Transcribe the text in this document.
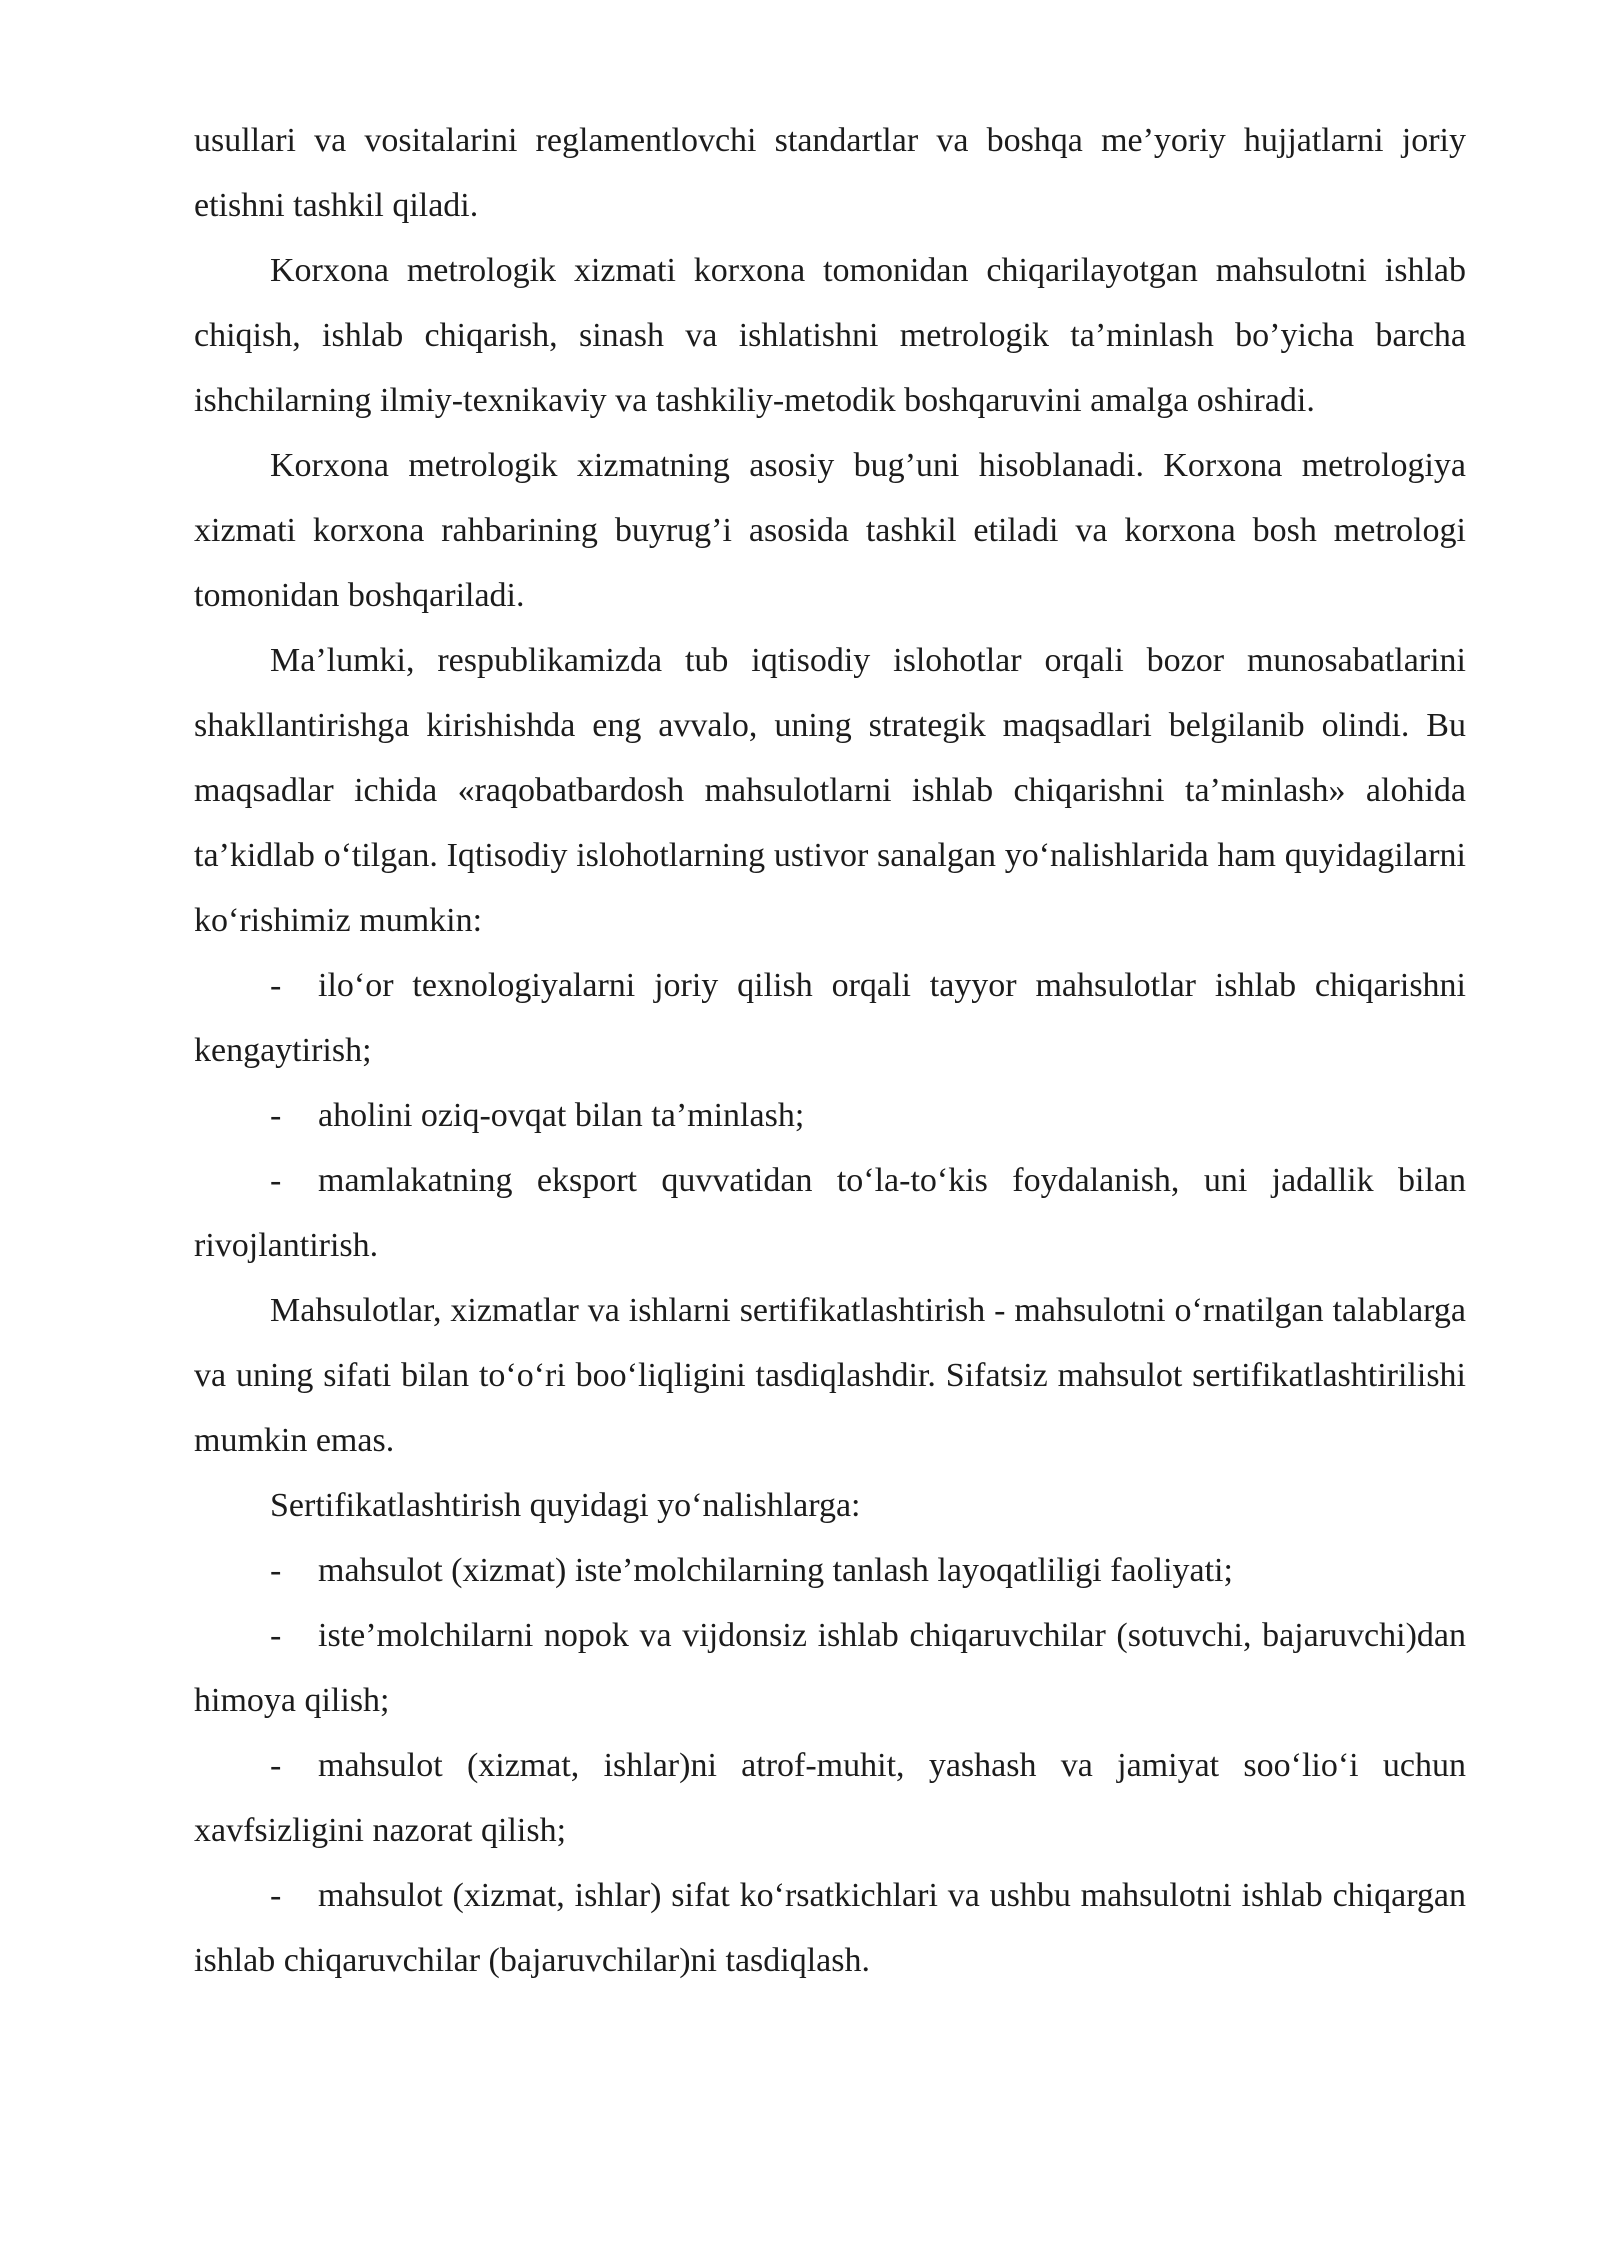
usullari va vositalarini reglamentlovchi standartlar va boshqa me’yoriy hujjatlarni joriy etishni tashkil qiladi.

Korxona metrologik xizmati korxona tomonidan chiqarilayotgan mahsulotni ishlab chiqish, ishlab chiqarish, sinash va ishlatishni metrologik ta’minlash bo’yicha barcha ishchilarning ilmiy-texnikaviy va tashkiliy-metodik boshqaruvini amalga oshiradi.

Korxona metrologik xizmatning asosiy bug’uni hisoblanadi. Korxona metrologiya xizmati korxona rahbarining buyrug’i asosida tashkil etiladi va korxona bosh metrologi tomonidan boshqariladi.

Ma’lumki, respublikamizda tub iqtisodiy islohotlar orqali bozor munosabatlarini shakllantirishga kirishishda eng avvalo, uning strategik maqsadlari belgilanib olindi. Bu maqsadlar ichida «raqobatbardosh mahsulotlarni ishlab chiqarishni ta’minlash» alohida ta’kidlab o‘tilgan. Iqtisodiy islohotlarning ustivor sanalgan yo‘nalishlarida ham quyidagilarni ko‘rishimiz mumkin:

- ilo‘or texnologiyalarni joriy qilish orqali tayyor mahsulotlar ishlab chiqarishni kengaytirish;

- aholini oziq-ovqat bilan ta’minlash;

- mamlakatning eksport quvvatidan to‘la-to‘kis foydalanish, uni jadallik bilan rivojlantirish.

Mahsulotlar, xizmatlar va ishlarni sertifikatlashtirish - mahsulotni o‘rnatilgan talablarga va uning sifati bilan to‘o‘ri boo‘liqligini tasdiqlashdir. Sifatsiz mahsulot sertifikatlashtirilishi mumkin emas.

Sertifikatlashtirish quyidagi yo‘nalishlarga:

- mahsulot (xizmat) iste’molchilarning tanlash layoqatliligi faoliyati;

- iste’molchilarni nopok va vijdonsiz ishlab chiqaruvchilar (sotuvchi, bajaruvchi)dan himoya qilish;

- mahsulot (xizmat, ishlar)ni atrof-muhit, yashash va jamiyat soo‘lio‘i uchun xavfsizligini nazorat qilish;

- mahsulot (xizmat, ishlar) sifat ko‘rsatkichlari va ushbu mahsulotni ishlab chiqargan ishlab chiqaruvchilar (bajaruvchilar)ni tasdiqlash.
